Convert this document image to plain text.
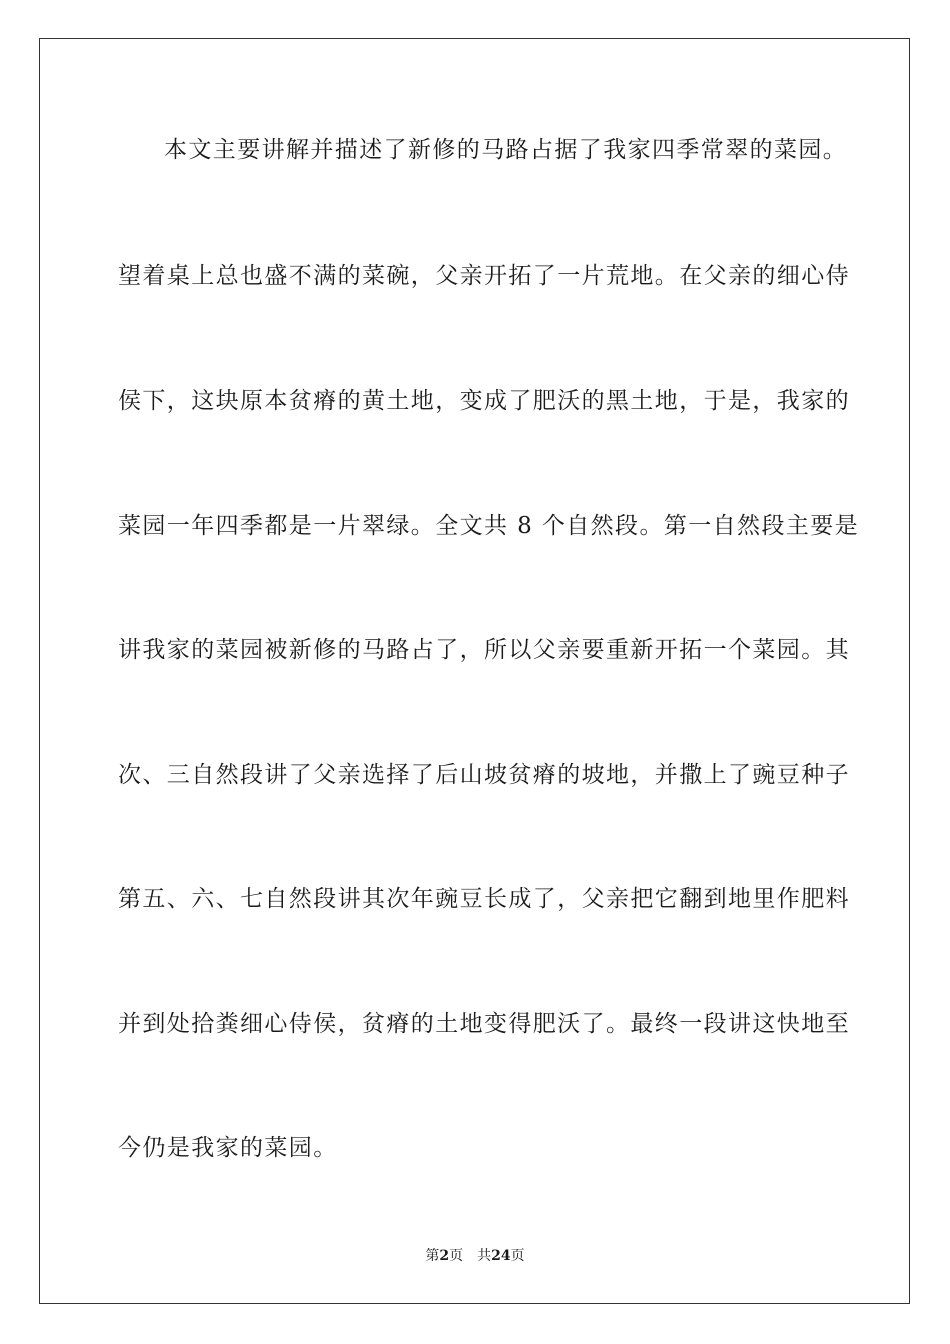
本文主要讲解并描述了新修的马路占据了我家四季常翠的菜园。
望着桌上总也盛不满的菜碗，父亲开拓了一片荒地。在父亲的细心侍
侯下，这块原本贫瘠的黄土地，变成了肥沃的黑土地，于是，我家的
菜园一年四季都是一片翠绿。全文共 8 个自然段。第一自然段主要是
讲我家的菜园被新修的马路占了，所以父亲要重新开拓一个菜园。其
次、三自然段讲了父亲选择了后山坡贫瘠的坡地，并撒上了豌豆种子
第五、六、七自然段讲其次年豌豆长成了，父亲把它翻到地里作肥料
并到处拾粪细心侍侯，贫瘠的土地变得肥沃了。最终一段讲这快地至
今仍是我家的菜园。
第2页 共24页
